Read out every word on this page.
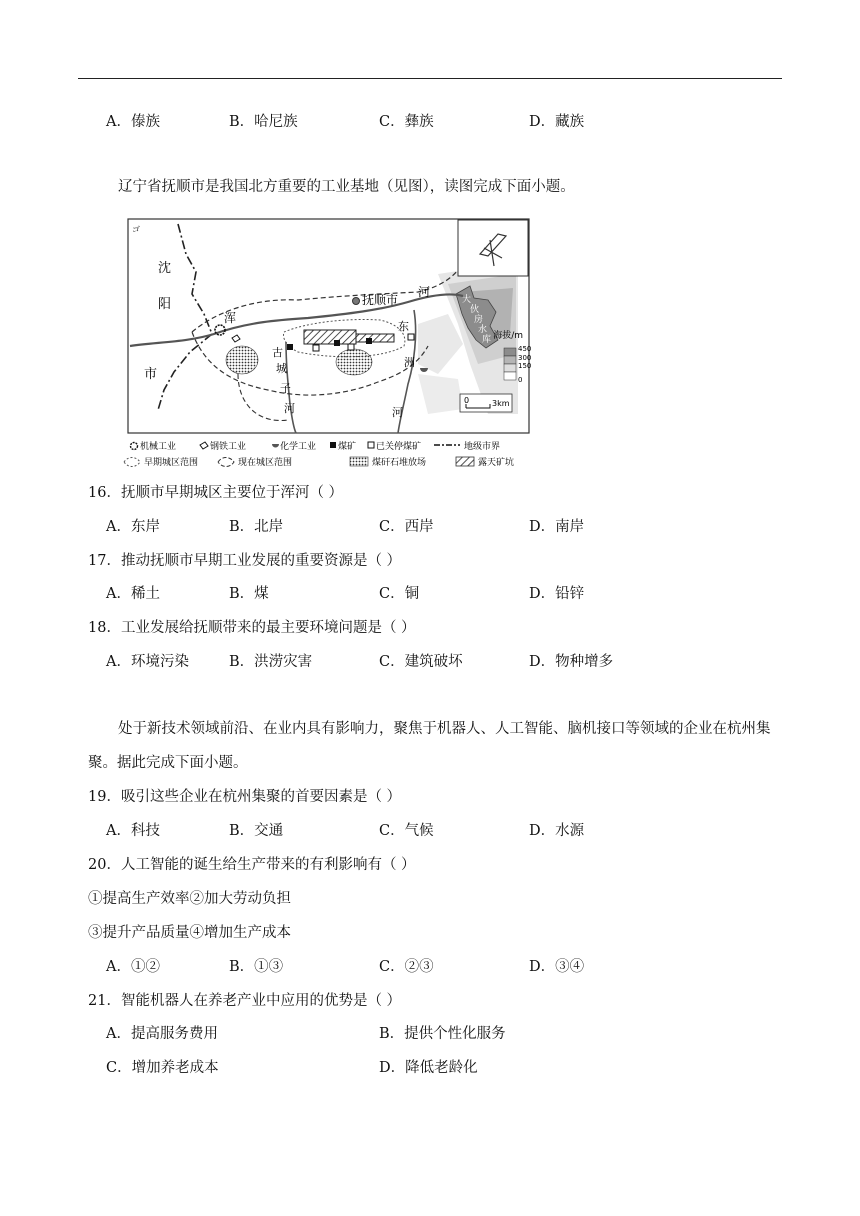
A．傣族	B．哈尼族	C．彝族	D．藏族
辽宁省抚顺市是我国北方重要的工业基地（见图），读图完成下面小题。
大
伙
房
水
库
ゴ
沈
阳
市
抚顺市
浑
河
东
洲
河
古
城
子
河
海拔/m
450
300
150
0
0	3km
机械工业	钢铁工业	化学工业 煤矿 已关停煤矿	地级市界
早期城区范围	现在城区范围	煤矸石堆放场	露天矿坑
16．抚顺市早期城区主要位于浑河（ ）
A．东岸	B．北岸	C．西岸	D．南岸
17．推动抚顺市早期工业发展的重要资源是（ ）
A．稀土	B．煤	C．铜	D．铅锌
18．工业发展给抚顺带来的最主要环境问题是（ ）
A．环境污染	B．洪涝灾害	C．建筑破坏	D．物种增多
处于新技术领域前沿、在业内具有影响力，聚焦于机器人、人工智能、脑机接口等领域的企业在杭州集聚。据此完成下面小题。
19．吸引这些企业在杭州集聚的首要因素是（ ）
A．科技	B．交通	C．气候	D．水源
20．人工智能的诞生给生产带来的有利影响有（ ）
①提高生产效率②加大劳动负担
③提升产品质量④增加生产成本
A．①②	B．①③	C．②③	D．③④
21．智能机器人在养老产业中应用的优势是（ ）
A．提高服务费用	B．提供个性化服务
C．增加养老成本	D．降低老龄化
